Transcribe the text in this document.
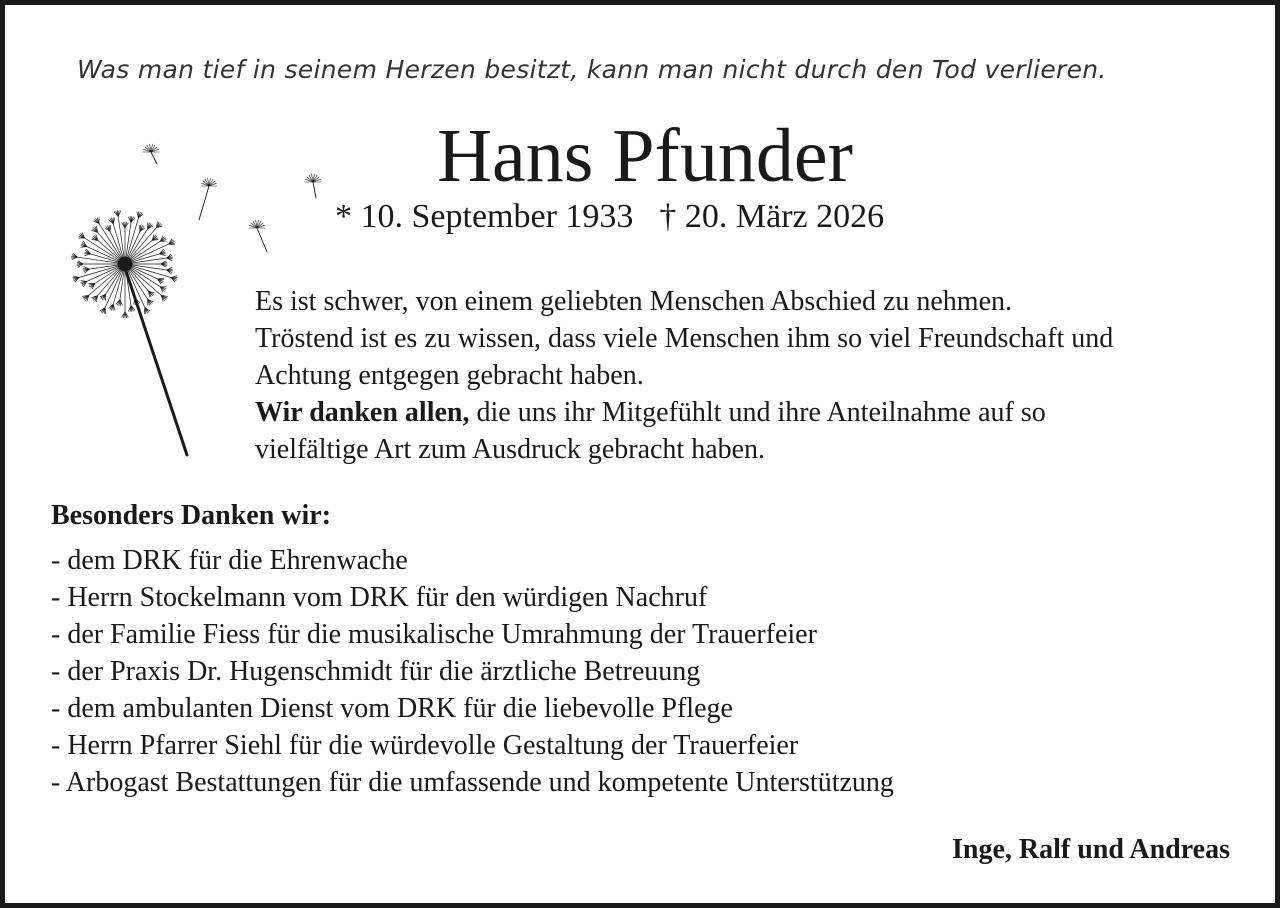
Was man tief in seinem Herzen besitzt, kann man nicht durch den Tod verlieren.
Hans Pfunder
* 10. September 1933 † 20. März 2026
Es ist schwer, von einem geliebten Menschen Abschied zu nehmen.
Tröstend ist es zu wissen, dass viele Menschen ihm so viel Freundschaft und
Achtung entgegen gebracht haben.
Wir danken allen, die uns ihr Mitgefühlt und ihre Anteilnahme auf so
vielfältige Art zum Ausdruck gebracht haben.
Besonders Danken wir:
- dem DRK für die Ehrenwache
- Herrn Stockelmann vom DRK für den würdigen Nachruf
- der Familie Fiess für die musikalische Umrahmung der Trauerfeier
- der Praxis Dr. Hugenschmidt für die ärztliche Betreuung
- dem ambulanten Dienst vom DRK für die liebevolle Pflege
- Herrn Pfarrer Siehl für die würdevolle Gestaltung der Trauerfeier
- Arbogast Bestattungen für die umfassende und kompetente Unterstützung
Inge, Ralf und Andreas
